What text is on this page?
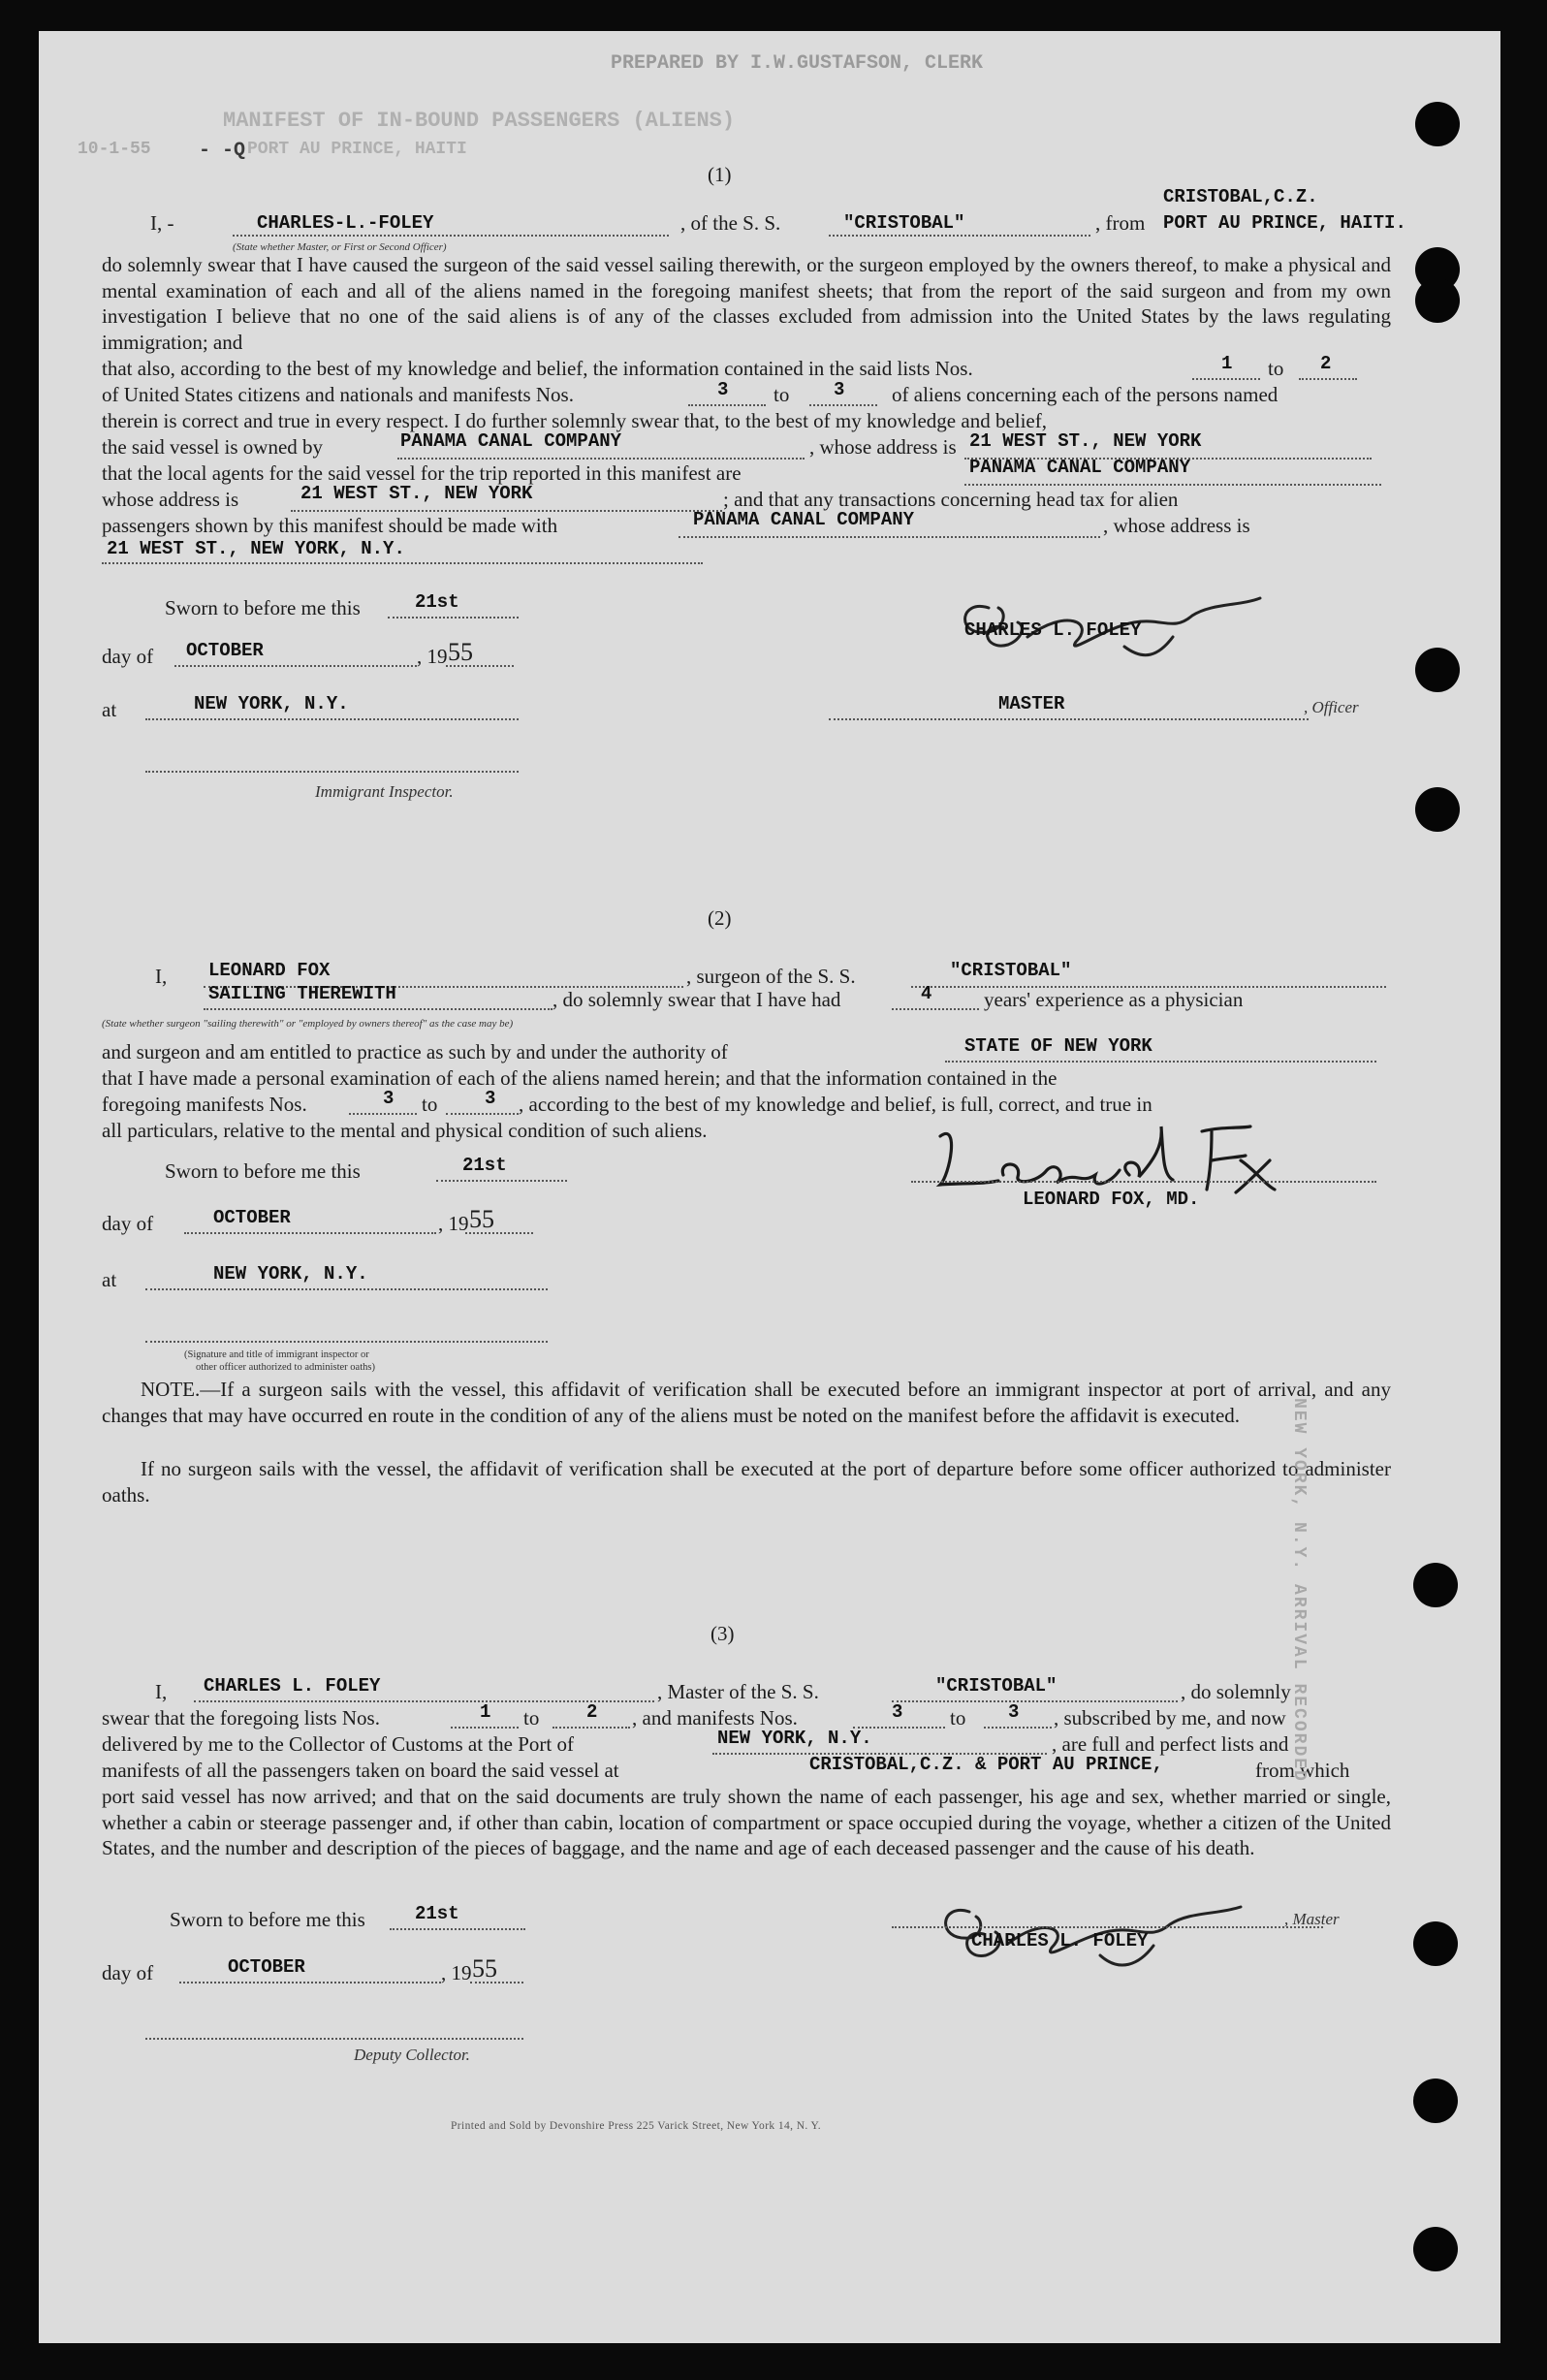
PREPARED BY I.W.GUSTAFSON, CLERK
MANIFEST OF IN-BOUND PASSENGERS (ALIENS)
PORT AU PRINCE, HAITI
- -Q
10-1-55
(1)
CRISTOBAL,C.Z.
I, -	CHARLES-L.-FOLEY	, of the S. S.	"CRISTOBAL"	, from PORT AU PRINCE, HAITI.
(State whether Master, or First or Second Officer)
do solemnly swear that I have caused the surgeon of the said vessel sailing therewith, or the surgeon employed by the owners thereof, to make a physical and mental examination of each and all of the aliens named in the foregoing manifest sheets; that from the report of the said surgeon and from my own investigation I believe that no one of the said aliens is of any of the classes excluded from admission into the United States by the laws regulating immigration; and
that also, according to the best of my knowledge and belief, the information contained in the said lists Nos.	1 to 2
of United States citizens and nationals and manifests Nos.	3 to 3 of aliens concerning each of the persons named
therein is correct and true in every respect. I do further solemnly swear that, to the best of my knowledge and belief,
the said vessel is owned by	PANAMA CANAL COMPANY	, whose address is 21 WEST ST., NEW YORK
that the local agents for the said vessel for the trip reported in this manifest are	PANAMA CANAL COMPANY
whose address is	21 WEST ST., NEW YORK	; and that any transactions concerning head tax for alien
passengers shown by this manifest should be made with	PANAMA CANAL COMPANY	, whose address is
21 WEST ST., NEW YORK, N.Y.
Sworn to before me this	21st
day of OCTOBER	, 19 55
at	NEW YORK, N.Y.
Immigrant Inspector.
CHARLES L. FOLEY
MASTER	, Officer
(2)
I, LEONARD FOX	, surgeon of the S. S.	"CRISTOBAL"
SAILING THEREWITH	, do solemnly swear that I have had	4	years' experience as a physician
(State whether surgeon "sailing therewith" or "employed by owners thereof" as the case may be)
and surgeon and am entitled to practice as such by and under the authority of	STATE OF NEW YORK
that I have made a personal examination of each of the aliens named herein; and that the information contained in the
foregoing manifests Nos.	3 to	3 , according to the best of my knowledge and belief, is full, correct, and true in
all particulars, relative to the mental and physical condition of such aliens.
Sworn to before me this	21st
day of	OCTOBER	, 19 55
at	NEW YORK, N.Y.
(Signature and title of immigrant inspector or
other officer authorized to administer oaths)
LEONARD FOX, MD.
NOTE.—If a surgeon sails with the vessel, this affidavit of verification shall be executed before an immigrant inspector at port of arrival, and any changes that may have occurred en route in the condition of any of the aliens must be noted on the manifest before the affidavit is executed.
If no surgeon sails with the vessel, the affidavit of verification shall be executed at the port of departure before some officer authorized to administer oaths.
(3)
I, CHARLES L. FOLEY	, Master of the S. S.	"CRISTOBAL"	, do solemnly
swear that the foregoing lists Nos.	1 to	2 , and manifests Nos.	3 to 3 , subscribed by me, and now
delivered by me to the Collector of Customs at the Port of	NEW YORK, N.Y.	, are full and perfect lists and
manifests of all the passengers taken on board the said vessel at	CRISTOBAL,C.Z. & PORT AU PRINCE,	from which
port said vessel has now arrived; and that on the said documents are truly shown the name of each passenger, his age and sex, whether married or single, whether a cabin or steerage passenger and, if other than cabin, location of compartment or space occupied during the voyage, whether a citizen of the United States, and the number and description of the pieces of baggage, and the name and age of each deceased passenger and the cause of his death.
Sworn to before me this	21st
day of	OCTOBER	, 19 55
Deputy Collector.
CHARLES L. FOLEY
, Master
Printed and Sold by Devonshire Press 225 Varick Street, New York 14, N. Y.
NEW YORK, N.Y. ARRIVAL RECORDED
